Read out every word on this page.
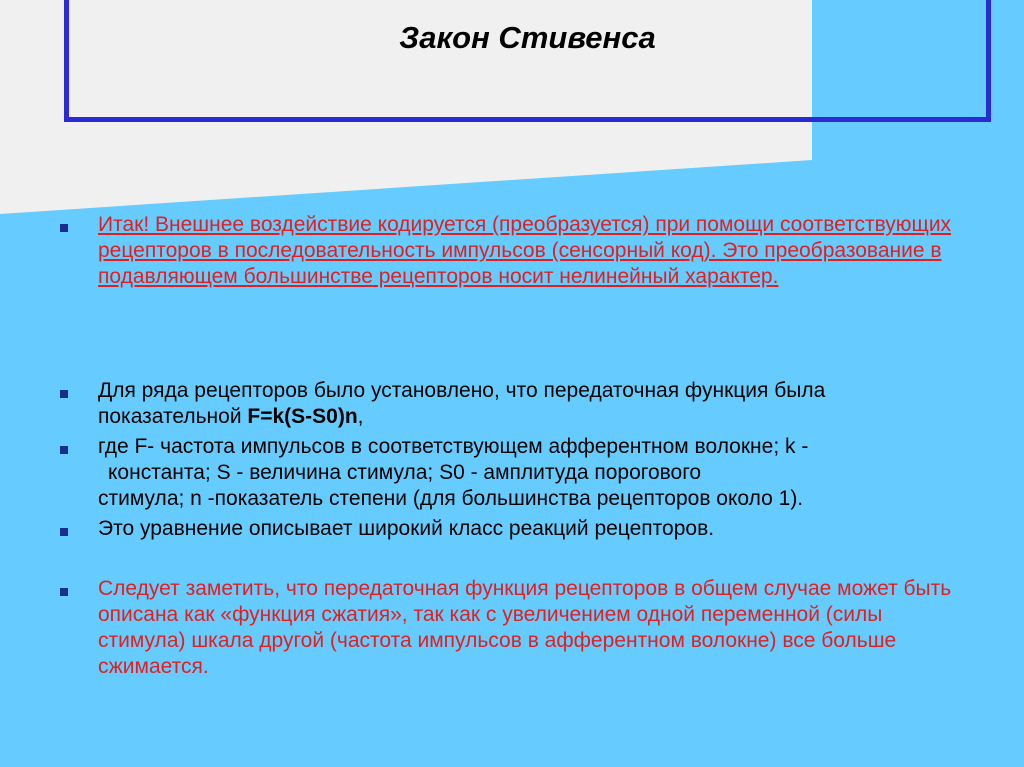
Закон Стивенса
Итак! Внешнее воздействие кодируется (преобразуется) при помощи соответствующих рецепторов в последовательность импульсов (сенсорный код). Это преобразование в подавляющем большинстве рецепторов носит нелинейный характер.
Для ряда рецепторов было установлено, что передаточная функция была показательной F=k(S-S0)n,
где F- частота импульсов в соответствующем афферентном волокне; k -
константа; S - величина стимула; S0 - амплитуда порогового
стимула; n -показатель степени (для большинства рецепторов около 1).
Это уравнение описывает широкий класс реакций рецепторов.
Следует заметить, что передаточная функция рецепторов в общем случае может быть описана как «функция сжатия», так как с увеличением одной переменной (силы стимула) шкала другой (частота импульсов в афферентном волокне) все больше сжимается.
